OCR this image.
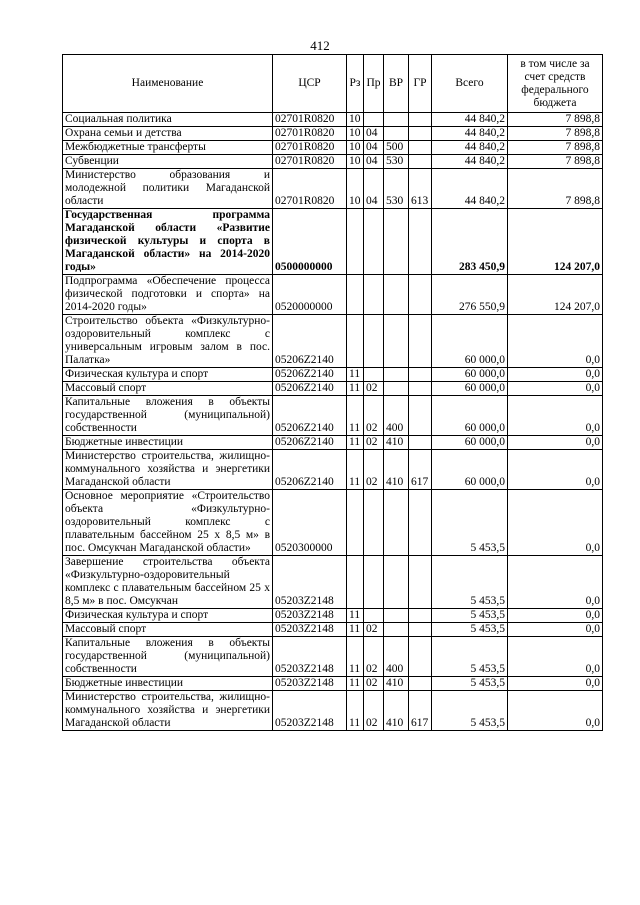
412
Наименование	ЦСР	Рз	Пр	ВР	ГР	Всего	в том числе за счет средств федерального бюджета
Социальная политика	02701R0820	10				44 840,2	7 898,8
Охрана семьи и детства	02701R0820	10	04			44 840,2	7 898,8
Межбюджетные трансферты	02701R0820	10	04	500		44 840,2	7 898,8
Субвенции	02701R0820	10	04	530		44 840,2	7 898,8
Министерство образования и молодежной политики Магаданской области	02701R0820	10	04	530	613	44 840,2	7 898,8
Государственная программа Магаданской области «Развитие физической культуры и спорта в Магаданской области» на 2014-2020 годы»	0500000000					283 450,9	124 207,0
Подпрограмма «Обеспечение процесса физической подготовки и спорта» на 2014-2020 годы»	0520000000					276 550,9	124 207,0
Строительство объекта «Физкультурно-оздоровительный комплекс с универсальным игровым залом в пос. Палатка»	05206Z2140					60 000,0	0,0
Физическая культура и спорт	05206Z2140	11				60 000,0	0,0
Массовый спорт	05206Z2140	11	02			60 000,0	0,0
Капитальные вложения в объекты государственной (муниципальной) собственности	05206Z2140	11	02	400		60 000,0	0,0
Бюджетные инвестиции	05206Z2140	11	02	410		60 000,0	0,0
Министерство строительства, жилищно-коммунального хозяйства и энергетики Магаданской области	05206Z2140	11	02	410	617	60 000,0	0,0
Основное мероприятие «Строительство объекта «Физкультурно-оздоровительный комплекс с плавательным бассейном 25 х 8,5 м» в пос. Омсукчан Магаданской области»	0520300000					5 453,5	0,0
Завершение строительства объекта «Физкультурно-оздоровительный комплекс с плавательным бассейном 25 х 8,5 м» в пос. Омсукчан	05203Z2148					5 453,5	0,0
Физическая культура и спорт	05203Z2148	11				5 453,5	0,0
Массовый спорт	05203Z2148	11	02			5 453,5	0,0
Капитальные вложения в объекты государственной (муниципальной) собственности	05203Z2148	11	02	400		5 453,5	0,0
Бюджетные инвестиции	05203Z2148	11	02	410		5 453,5	0,0
Министерство строительства, жилищно-коммунального хозяйства и энергетики Магаданской области	05203Z2148	11	02	410	617	5 453,5	0,0
